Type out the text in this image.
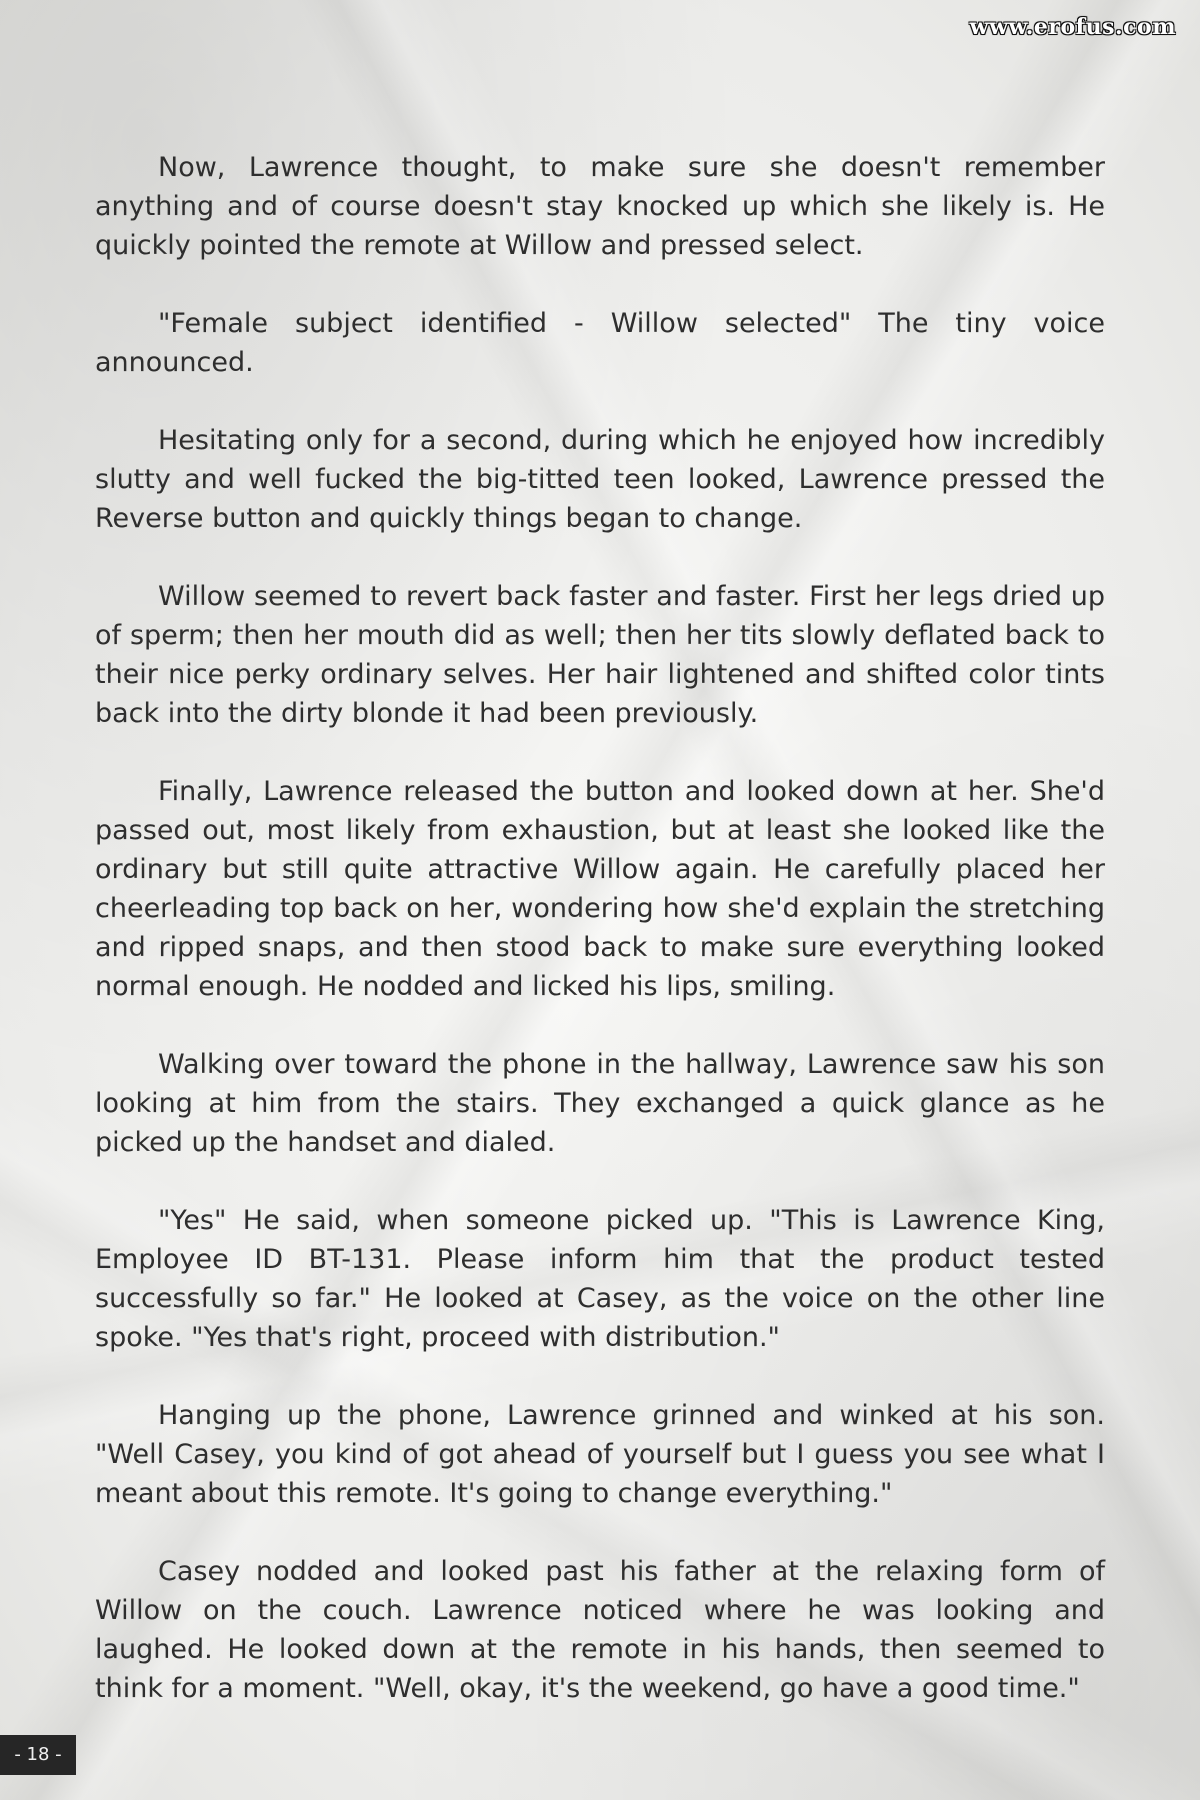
www.erofus.com

Now, Lawrence thought, to make sure she doesn't remember anything and of course doesn't stay knocked up which she likely is. He quickly pointed the remote at Willow and pressed select.

"Female subject identified - Willow selected" The tiny voice announced.

Hesitating only for a second, during which he enjoyed how incredibly slutty and well fucked the big-titted teen looked, Lawrence pressed the Reverse button and quickly things began to change.

Willow seemed to revert back faster and faster. First her legs dried up of sperm; then her mouth did as well; then her tits slowly deflated back to their nice perky ordinary selves. Her hair lightened and shifted color tints back into the dirty blonde it had been previously.

Finally, Lawrence released the button and looked down at her. She'd passed out, most likely from exhaustion, but at least she looked like the ordinary but still quite attractive Willow again. He carefully placed her cheerleading top back on her, wondering how she'd explain the stretching and ripped snaps, and then stood back to make sure everything looked normal enough. He nodded and licked his lips, smiling.

Walking over toward the phone in the hallway, Lawrence saw his son looking at him from the stairs. They exchanged a quick glance as he picked up the handset and dialed.

"Yes" He said, when someone picked up. "This is Lawrence King, Employee ID BT-131. Please inform him that the product tested successfully so far." He looked at Casey, as the voice on the other line spoke. "Yes that's right, proceed with distribution."

Hanging up the phone, Lawrence grinned and winked at his son. "Well Casey, you kind of got ahead of yourself but I guess you see what I meant about this remote. It's going to change everything."

Casey nodded and looked past his father at the relaxing form of Willow on the couch. Lawrence noticed where he was looking and laughed. He looked down at the remote in his hands, then seemed to think for a moment. "Well, okay, it's the weekend, go have a good time."

- 18 -
